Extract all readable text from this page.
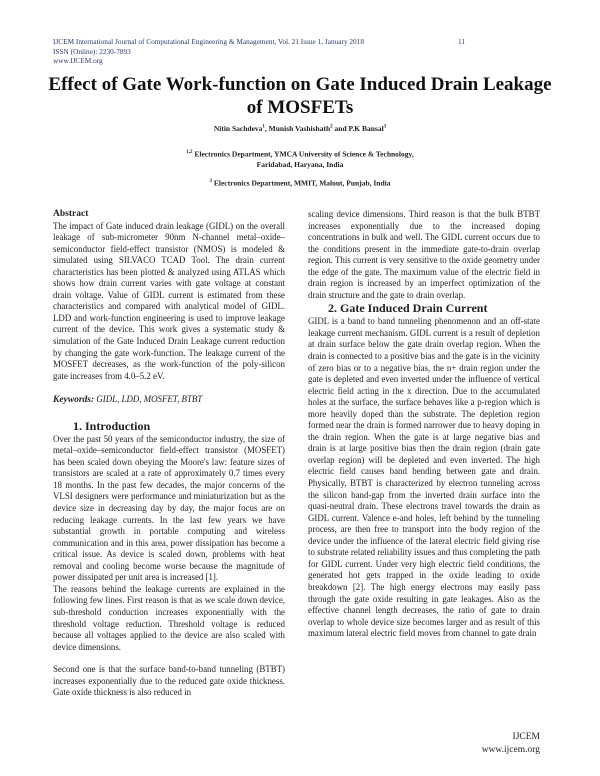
IJCEM International Journal of Computational Engineering & Management, Vol. 21 Issue 1, January 2018
ISSN (Online): 2230-7893
www.IJCEM.org
11
Effect of Gate Work-function on Gate Induced Drain Leakage of MOSFETs
Nitin Sachdeva$^1$, Munish Vashishath$^2$ and P.K Bansal$^3$
$^{1,2}$ Electronics Department, YMCA University of Science & Technology,
Faridabad, Haryana, India
$^3$ Electronics Department, MMIT, Malout, Punjab, India
Abstract

The impact of Gate induced drain leakage (GIDL) on the overall leakage of sub-micrometer 90nm N-channel metal–oxide–semiconductor field-effect transistor (NMOS) is modeled & simulated using SILVACO TCAD Tool. The drain current characteristics has been plotted & analyzed using ATLAS which shows how drain current varies with gate voltage at constant drain voltage. Value of GIDL current is estimated from these characteristics and compared with analytical model of GIDL. LDD and work-function engineering is used to improve leakage current of the device. This work gives a systematic study & simulation of the Gate Induced Drain Leakage current reduction by changing the gate work-function. The leakage current of the MOSFET decreases, as the work-function of the poly-silicon gate increases from 4.0–5.2 eV.

Keywords: GIDL, LDD, MOSFET, BTBT

1. Introduction

Over the past 50 years of the semiconductor industry, the size of metal–oxide–semiconductor field-effect transistor (MOSFET) has been scaled down obeying the Moore's law: feature sizes of transistors are scaled at a rate of approximately 0.7 times every 18 months. In the past few decades, the major concerns of the VLSI designers were performance and miniaturization but as the device size in decreasing day by day, the major focus are on reducing leakage currents. In the last few years we have substantial growth in portable computing and wireless communication and in this area, power dissipation has become a critical issue. As device is scaled down, problems with heat removal and cooling become worse because the magnitude of power dissipated per unit area is increased [1].

The reasons behind the leakage currents are explained in the following few lines. First reason is that as we scale down device, sub-threshold conduction increases exponentially with the threshold voltage reduction. Threshold voltage is reduced because all voltages applied to the device are also scaled with device dimensions.

Second one is that the surface band-to-band tunneling (BTBT) increases exponentially due to the reduced gate oxide thickness. Gate oxide thickness is also reduced in

scaling device dimensions. Third reason is that the bulk BTBT increases exponentially due to the increased doping concentrations in bulk and well. The GIDL current occurs due to the conditions present in the immediate gate-to-drain overlap region. This current is very sensitive to the oxide geometry under the edge of the gate. The maximum value of the electric field in drain region is increased by an imperfect optimization of the drain structure and the gate to drain overlap.

2. Gate Induced Drain Current

GIDL is a band to band tunneling phenomenon and an off-state leakage current mechanism. GIDL current is a result of depletion at drain surface below the gate drain overlap region. When the drain is connected to a positive bias and the gate is in the vicinity of zero bias or to a negative bias, the n+ drain region under the gate is depleted and even inverted under the influence of vertical electric field acting in the x direction. Due to the accumulated holes at the surface, the surface behaves like a p-region which is more heavily doped than the substrate. The depletion region formed near the drain is formed narrower due to heavy doping in the drain region. When the gate is at large negative bias and drain is at large positive bias then the drain region (drain gate overlap region) will be depleted and even inverted. The high electric field causes band bending between gate and drain. Physically, BTBT is characterized by electron tunneling across the silicon band-gap from the inverted drain surface into the quasi-neutral drain. These electrons travel towards the drain as GIDL current. Valence e-and holes, left behind by the tunneling process, are then free to transport into the body region of the device under the influence of the lateral electric field giving rise to substrate related reliability issues and thus completing the path for GIDL current. Under very high electric field conditions, the generated hot gets trapped in the oxide leading to oxide breakdown [2]. The high energy electrons may easily pass through the gate oxide resulting in gate leakages. Also as the effective channel length decreases, the ratio of gate to drain overlap to whole device size becomes larger and as result of this maximum lateral electric field moves from channel to gate drain

IJCEM
www.ijcem.org
